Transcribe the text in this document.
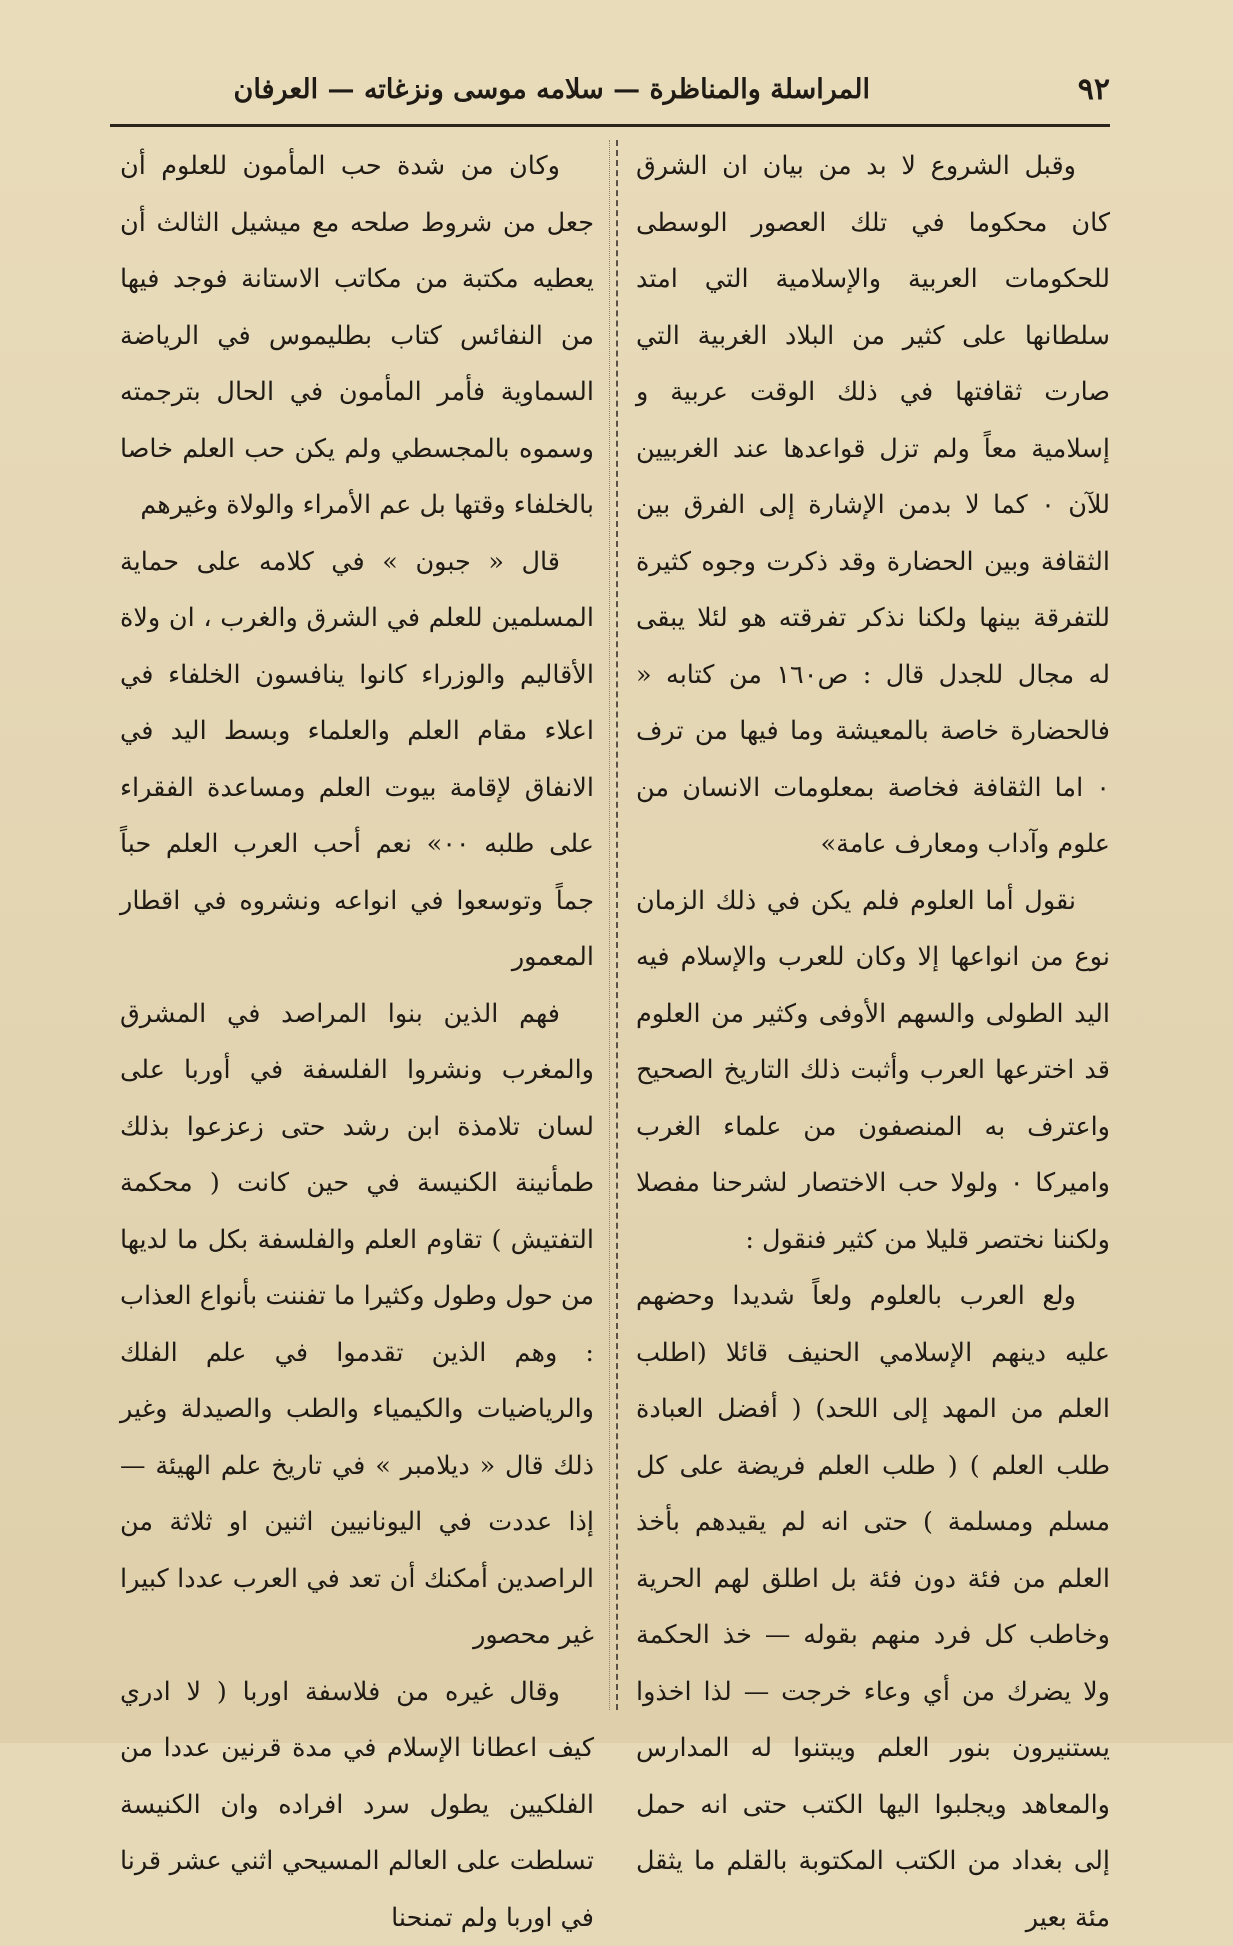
٩٢
المراسلة والمناظرة — سلامه موسى ونزغاته — العرفان

وقبل الشروع لا بد من بيان ان الشرق كان محكوما في تلك العصور الوسطى للحكومات العربية والإسلامية التي امتد سلطانها على كثير من البلاد الغربية التي صارت ثقافتها في ذلك الوقت عربية و إسلامية معاً ولم تزل قواعدها عند الغربيين للآن ٠ كما لا بدمن الإشارة إلى الفرق بين الثقافة وبين الحضارة وقد ذكرت وجوه كثيرة للتفرقة بينها ولكنا نذكر تفرقته هو لئلا يبقى له مجال للجدل قال : ص١٦٠ من كتابه « فالحضارة خاصة بالمعيشة وما فيها من ترف ٠ اما الثقافة فخاصة بمعلومات الانسان من علوم وآداب ومعارف عامة»

نقول أما العلوم فلم يكن في ذلك الزمان نوع من انواعها إلا وكان للعرب والإسلام فيه اليد الطولى والسهم الأوفى وكثير من العلوم قد اخترعها العرب وأثبت ذلك التاريخ الصحيح واعترف به المنصفون من علماء الغرب واميركا ٠ ولولا حب الاختصار لشرحنا مفصلا ولكننا نختصر قليلا من كثير فنقول :

ولع العرب بالعلوم ولعاً شديدا وحضهم عليه دينهم الإسلامي الحنيف قائلا (اطلب العلم من المهد إلى اللحد) ( أفضل العبادة طلب العلم ) ( طلب العلم فريضة على كل مسلم ومسلمة ) حتى انه لم يقيدهم بأخذ العلم من فئة دون فئة بل اطلق لهم الحرية وخاطب كل فرد منهم بقوله — خذ الحكمة ولا يضرك من أي وعاء خرجت — لذا اخذوا يستنيرون بنور العلم ويبتنوا له المدارس والمعاهد ويجلبوا اليها الكتب حتى انه حمل إلى بغداد من الكتب المكتوبة بالقلم ما يثقل مئة بعير

وكان من شدة حب المأمون للعلوم أن جعل من شروط صلحه مع ميشيل الثالث أن يعطيه مكتبة من مكاتب الاستانة فوجد فيها من النفائس كتاب بطليموس في الرياضة السماوية فأمر المأمون في الحال بترجمته وسموه بالمجسطي ولم يكن حب العلم خاصا بالخلفاء وقتها بل عم الأمراء والولاة وغيرهم

قال « جبون » في كلامه على حماية المسلمين للعلم في الشرق والغرب ، ان ولاة الأقاليم والوزراء كانوا ينافسون الخلفاء في اعلاء مقام العلم والعلماء وبسط اليد في الانفاق لإقامة بيوت العلم ومساعدة الفقراء على طلبه ٠٠» نعم أحب العرب العلم حباً جماً وتوسعوا في انواعه ونشروه في اقطار المعمور

فهم الذين بنوا المراصد في المشرق والمغرب ونشروا الفلسفة في أوربا على لسان تلامذة ابن رشد حتى زعزعوا بذلك طمأنينة الكنيسة في حين كانت ( محكمة التفتيش ) تقاوم العلم والفلسفة بكل ما لديها من حول وطول وكثيرا ما تفننت بأنواع العذاب : وهم الذين تقدموا في علم الفلك والرياضيات والكيمياء والطب والصيدلة وغير ذلك قال « ديلامبر » في تاريخ علم الهيئة — إذا عددت في اليونانيين اثنين او ثلاثة من الراصدين أمكنك أن تعد في العرب عددا كبيرا غير محصور

وقال غيره من فلاسفة اوربا ( لا ادري كيف اعطانا الإسلام في مدة قرنين عددا من الفلكيين يطول سرد افراده وان الكنيسة تسلطت على العالم المسيحي اثني عشر قرنا في اوربا ولم تمنحنا
